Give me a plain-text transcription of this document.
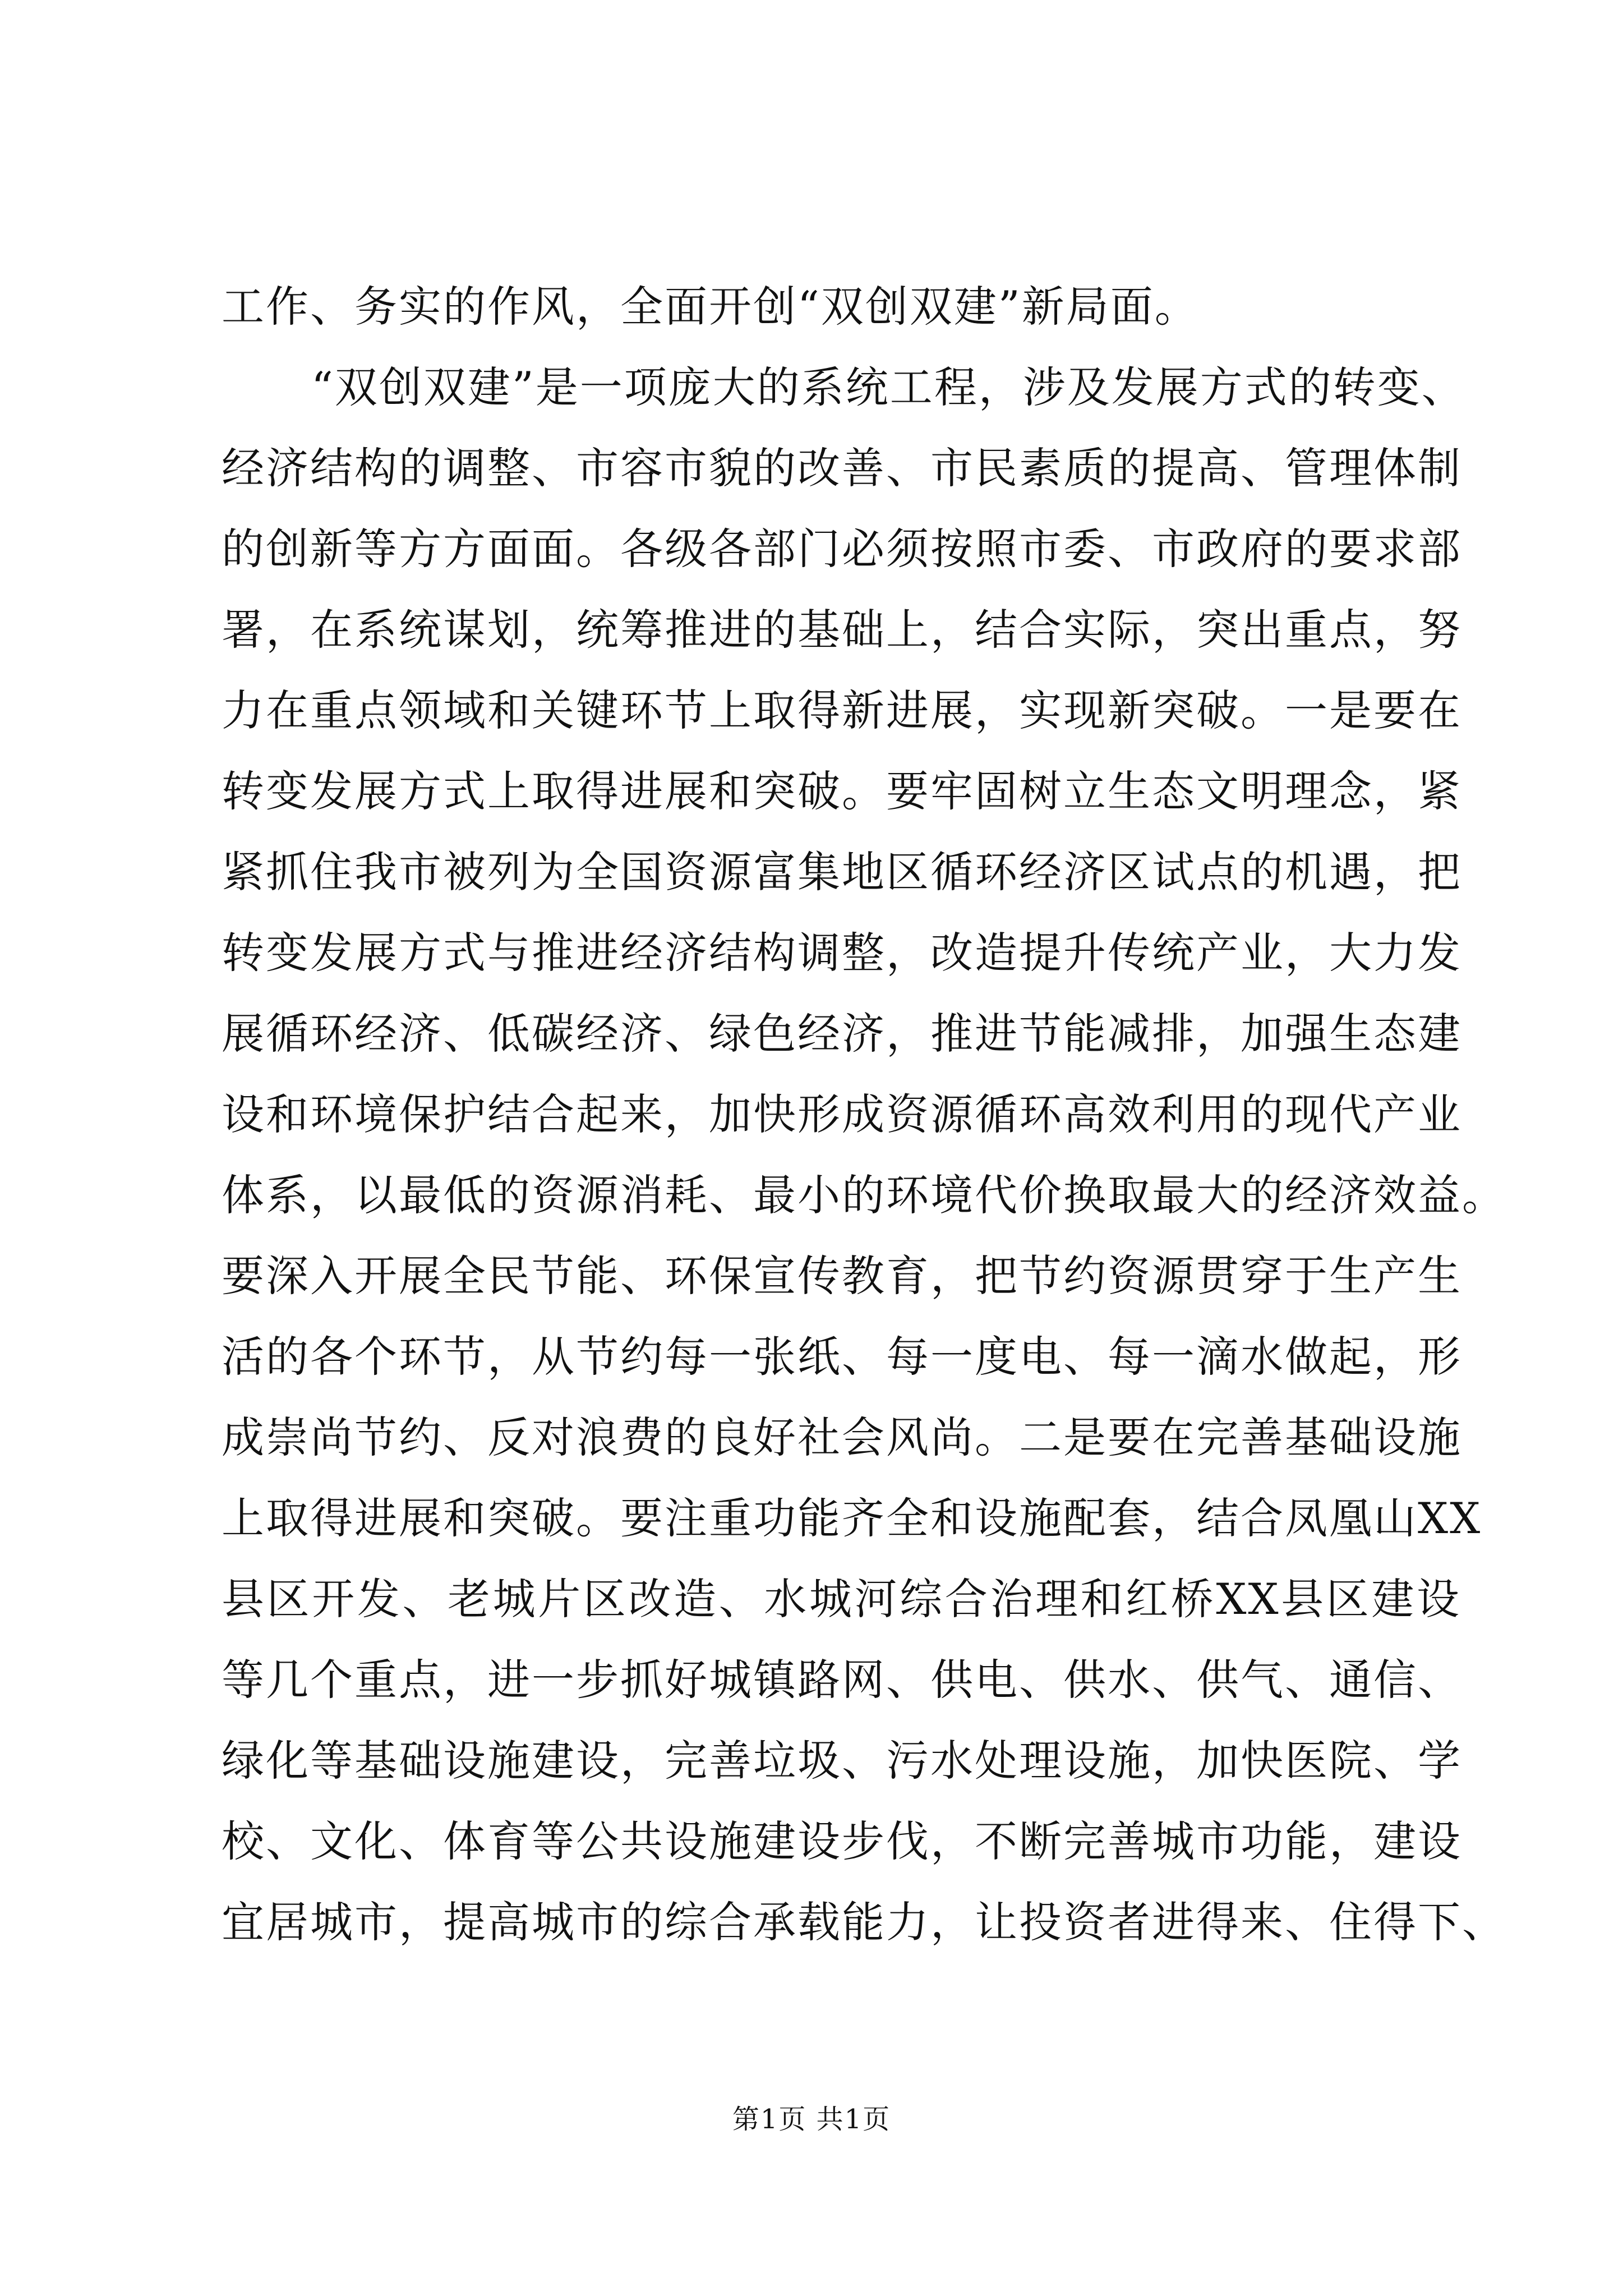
工作、务实的作风，全面开创“双创双建”新局面。
“双创双建”是一项庞大的系统工程，涉及发展方式的转变、
经济结构的调整、市容市貌的改善、市民素质的提高、管理体制
的创新等方方面面。各级各部门必须按照市委、市政府的要求部
署，在系统谋划，统筹推进的基础上，结合实际，突出重点，努
力在重点领域和关键环节上取得新进展，实现新突破。一是要在
转变发展方式上取得进展和突破。要牢固树立生态文明理念，紧
紧抓住我市被列为全国资源富集地区循环经济区试点的机遇，把
转变发展方式与推进经济结构调整，改造提升传统产业，大力发
展循环经济、低碳经济、绿色经济，推进节能减排，加强生态建
设和环境保护结合起来，加快形成资源循环高效利用的现代产业
体系，以最低的资源消耗、最小的环境代价换取最大的经济效益。
要深入开展全民节能、环保宣传教育，把节约资源贯穿于生产生
活的各个环节，从节约每一张纸、每一度电、每一滴水做起，形
成崇尚节约、反对浪费的良好社会风尚。二是要在完善基础设施
上取得进展和突破。要注重功能齐全和设施配套，结合凤凰山XX
县区开发、老城片区改造、水城河综合治理和红桥XX县区建设
等几个重点，进一步抓好城镇路网、供电、供水、供气、通信、
绿化等基础设施建设，完善垃圾、污水处理设施，加快医院、学
校、文化、体育等公共设施建设步伐，不断完善城市功能，建设
宜居城市，提高城市的综合承载能力，让投资者进得来、住得下、
第1页 共1页
